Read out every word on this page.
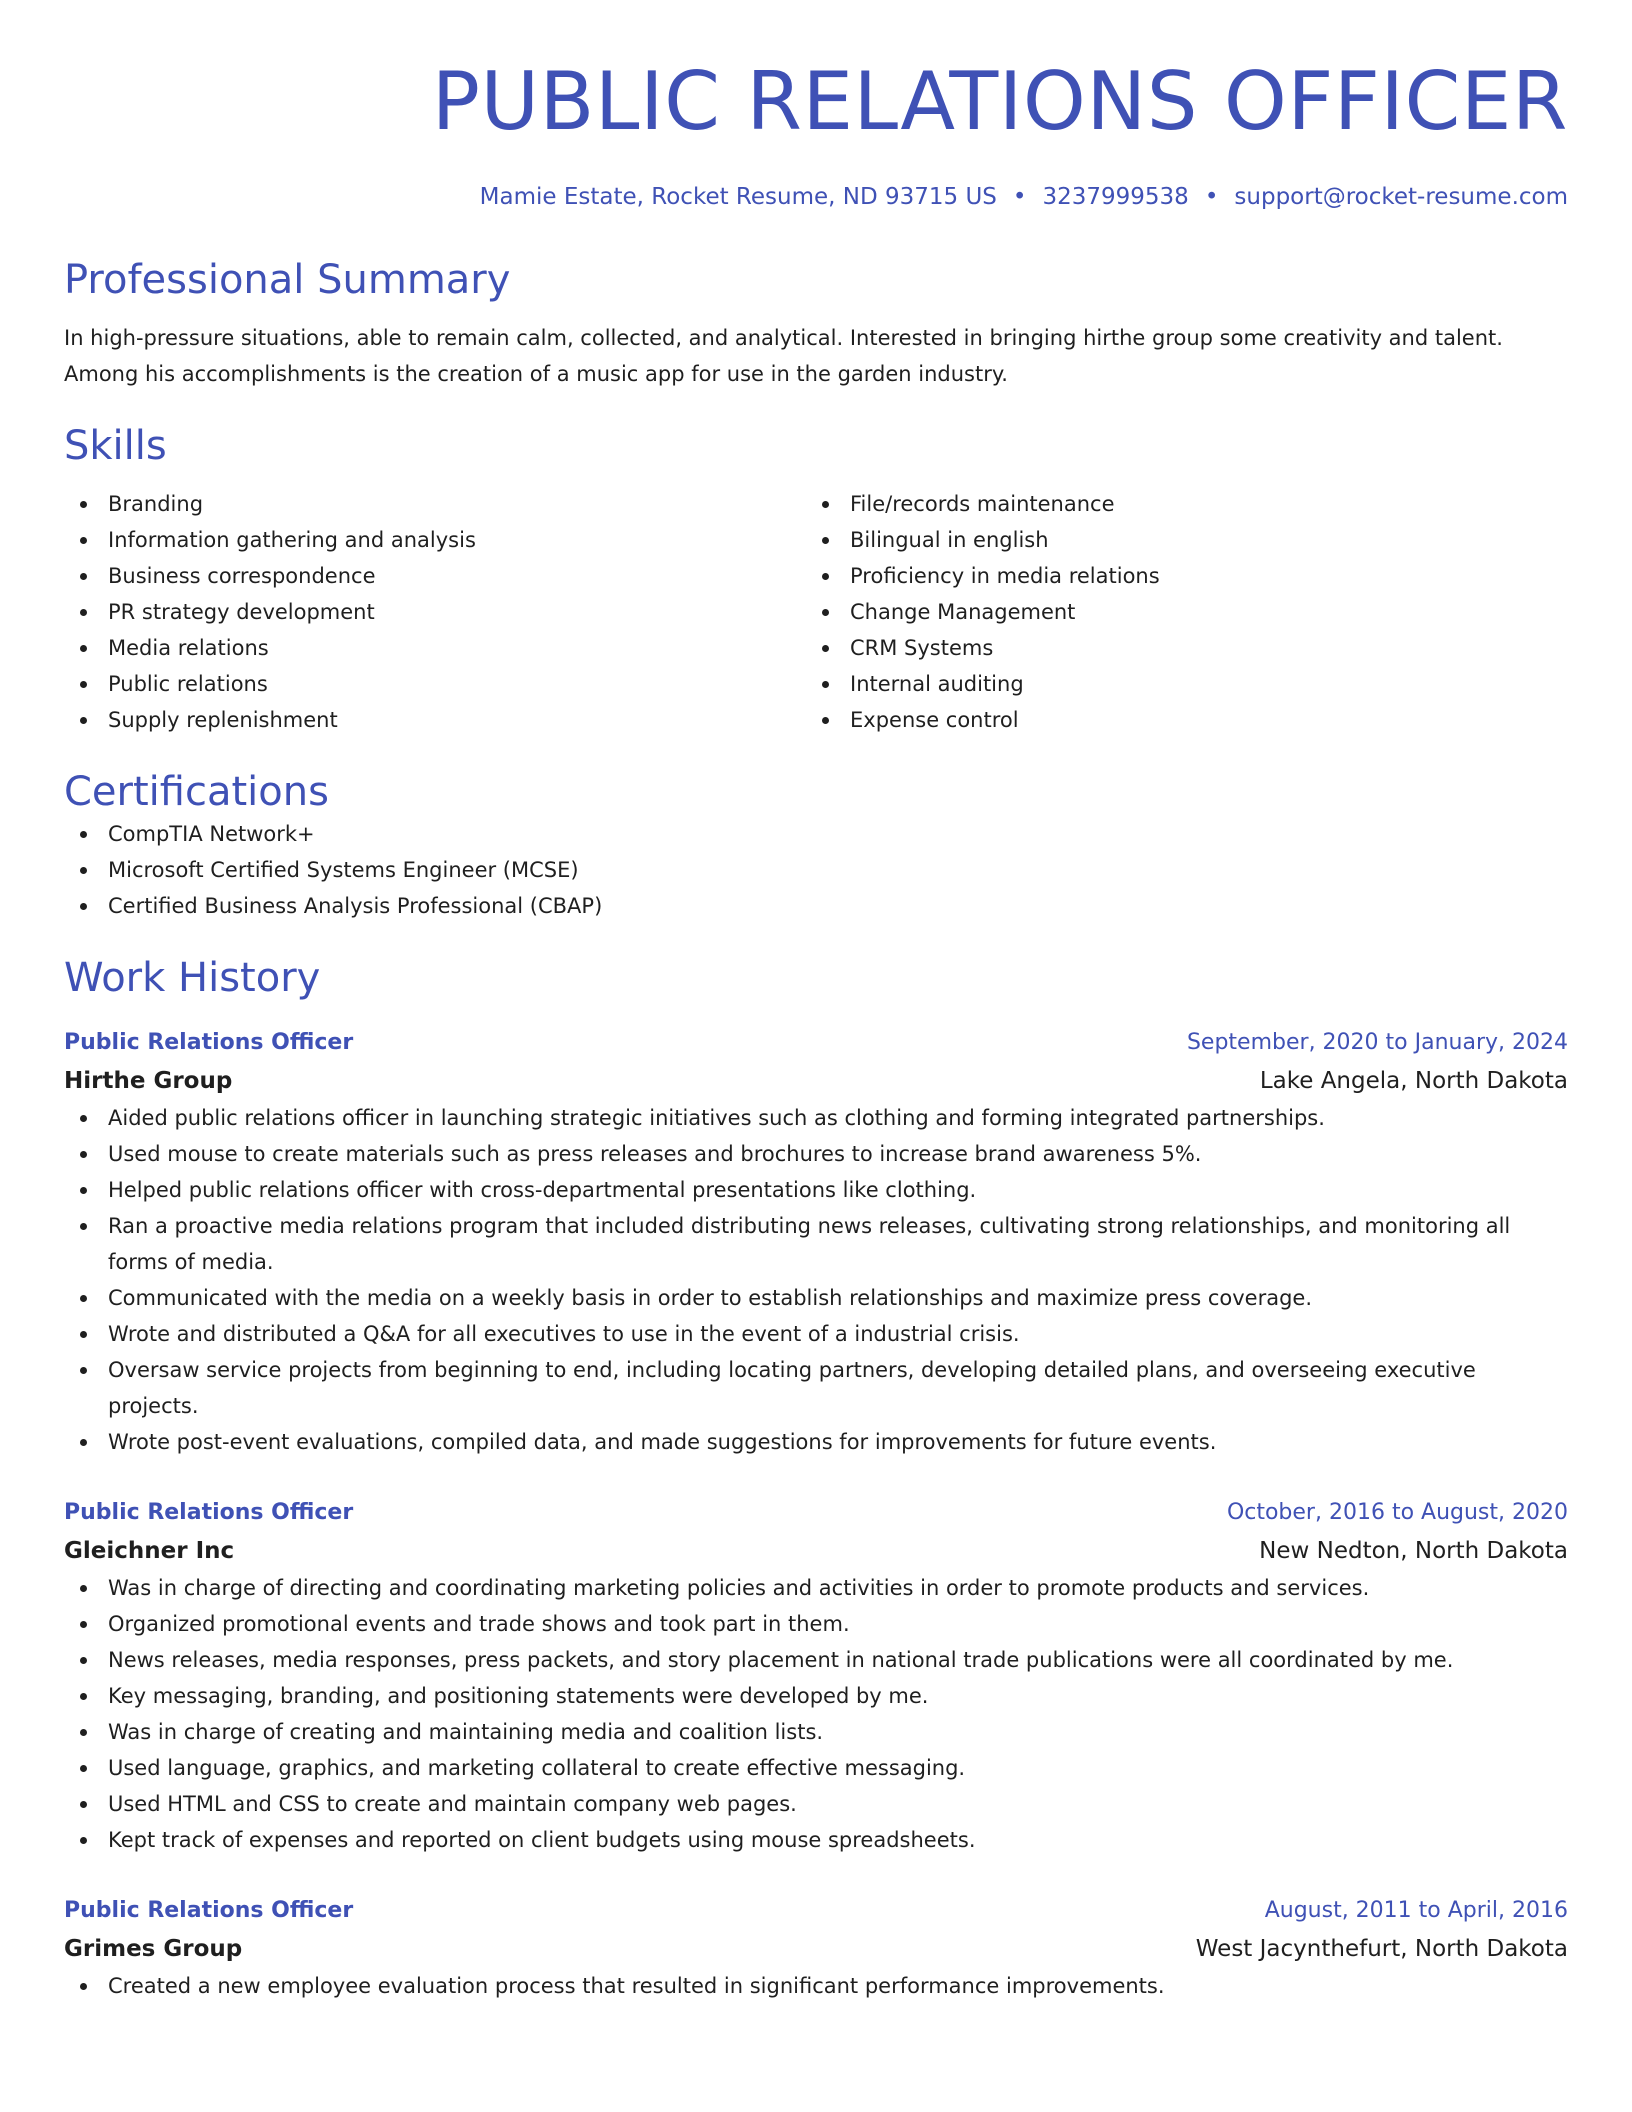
PUBLIC RELATIONS OFFICER
Mamie Estate, Rocket Resume, ND 93715 US • 3237999538 • support@rocket-resume.com
Professional Summary
In high-pressure situations, able to remain calm, collected, and analytical. Interested in bringing hirthe group some creativity and talent. Among his accomplishments is the creation of a music app for use in the garden industry.
Skills
Branding
Information gathering and analysis
Business correspondence
PR strategy development
Media relations
Public relations
Supply replenishment
File/records maintenance
Bilingual in english
Proficiency in media relations
Change Management
CRM Systems
Internal auditing
Expense control
Certifications
CompTIA Network+
Microsoft Certified Systems Engineer (MCSE)
Certified Business Analysis Professional (CBAP)
Work History
Public Relations Officer	September, 2020 to January, 2024
Hirthe Group	Lake Angela, North Dakota
Aided public relations officer in launching strategic initiatives such as clothing and forming integrated partnerships.
Used mouse to create materials such as press releases and brochures to increase brand awareness 5%.
Helped public relations officer with cross-departmental presentations like clothing.
Ran a proactive media relations program that included distributing news releases, cultivating strong relationships, and monitoring all forms of media.
Communicated with the media on a weekly basis in order to establish relationships and maximize press coverage.
Wrote and distributed a Q&A for all executives to use in the event of a industrial crisis.
Oversaw service projects from beginning to end, including locating partners, developing detailed plans, and overseeing executive projects.
Wrote post-event evaluations, compiled data, and made suggestions for improvements for future events.
Public Relations Officer	October, 2016 to August, 2020
Gleichner Inc	New Nedton, North Dakota
Was in charge of directing and coordinating marketing policies and activities in order to promote products and services.
Organized promotional events and trade shows and took part in them.
News releases, media responses, press packets, and story placement in national trade publications were all coordinated by me.
Key messaging, branding, and positioning statements were developed by me.
Was in charge of creating and maintaining media and coalition lists.
Used language, graphics, and marketing collateral to create effective messaging.
Used HTML and CSS to create and maintain company web pages.
Kept track of expenses and reported on client budgets using mouse spreadsheets.
Public Relations Officer	August, 2011 to April, 2016
Grimes Group	West Jacynthefurt, North Dakota
Created a new employee evaluation process that resulted in significant performance improvements.
